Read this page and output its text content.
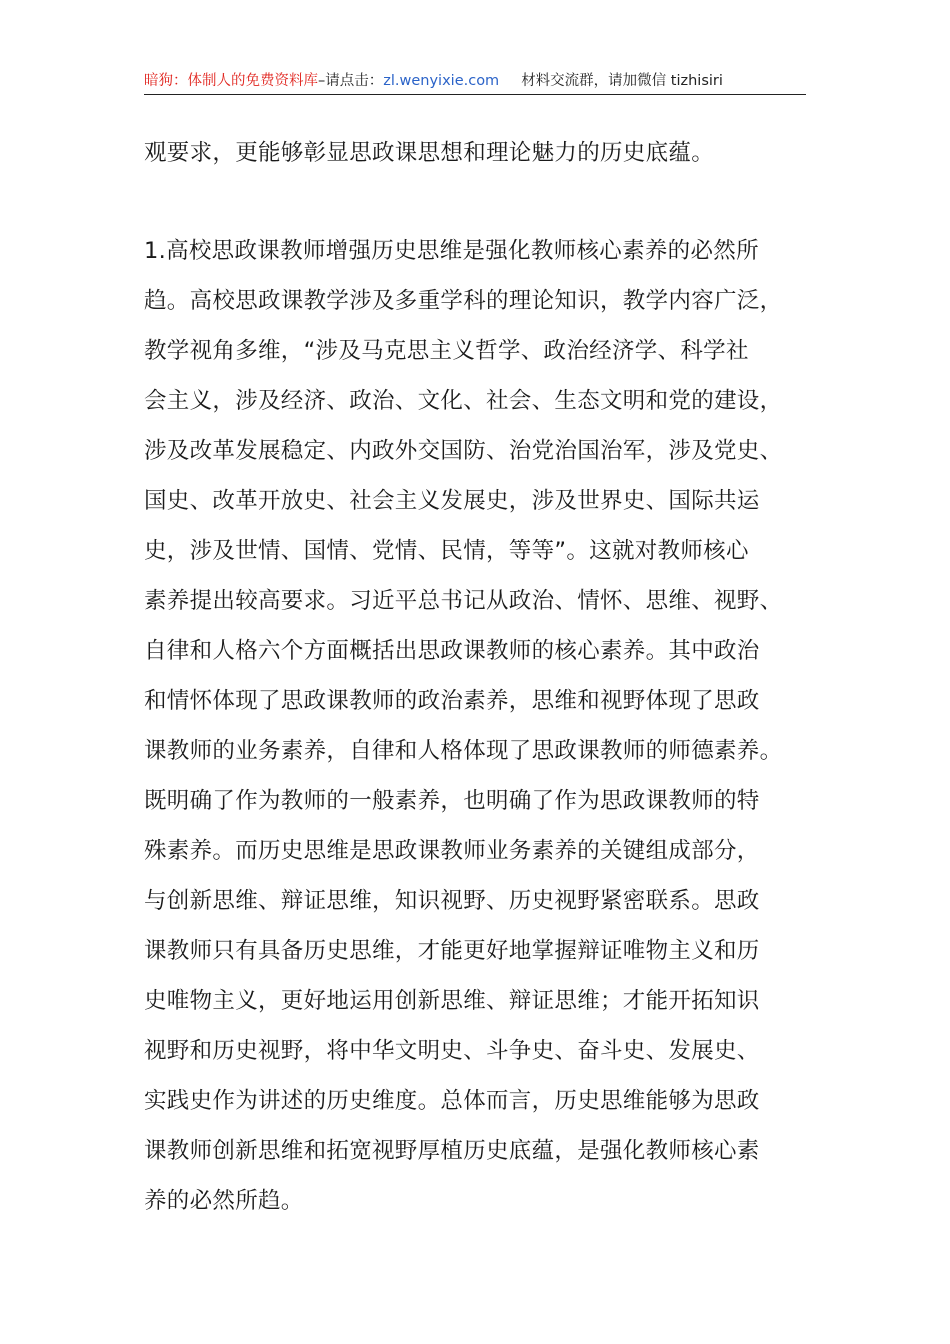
暗狗：体制人的免费资料库–请点击：zl.wenyixie.com 材料交流群，请加微信 tizhisiri
观要求，更能够彰显思政课思想和理论魅力的历史底蕴。
1.高校思政课教师增强历史思维是强化教师核心素养的必然所
趋。高校思政课教学涉及多重学科的理论知识，教学内容广泛，
教学视角多维，“涉及马克思主义哲学、政治经济学、科学社
会主义，涉及经济、政治、文化、社会、生态文明和党的建设，
涉及改革发展稳定、内政外交国防、治党治国治军，涉及党史、
国史、改革开放史、社会主义发展史，涉及世界史、国际共运
史，涉及世情、国情、党情、民情，等等”。这就对教师核心
素养提出较高要求。习近平总书记从政治、情怀、思维、视野、
自律和人格六个方面概括出思政课教师的核心素养。其中政治
和情怀体现了思政课教师的政治素养，思维和视野体现了思政
课教师的业务素养，自律和人格体现了思政课教师的师德素养。
既明确了作为教师的一般素养，也明确了作为思政课教师的特
殊素养。而历史思维是思政课教师业务素养的关键组成部分，
与创新思维、辩证思维，知识视野、历史视野紧密联系。思政
课教师只有具备历史思维，才能更好地掌握辩证唯物主义和历
史唯物主义，更好地运用创新思维、辩证思维；才能开拓知识
视野和历史视野，将中华文明史、斗争史、奋斗史、发展史、
实践史作为讲述的历史维度。总体而言，历史思维能够为思政
课教师创新思维和拓宽视野厚植历史底蕴，是强化教师核心素
养的必然所趋。
